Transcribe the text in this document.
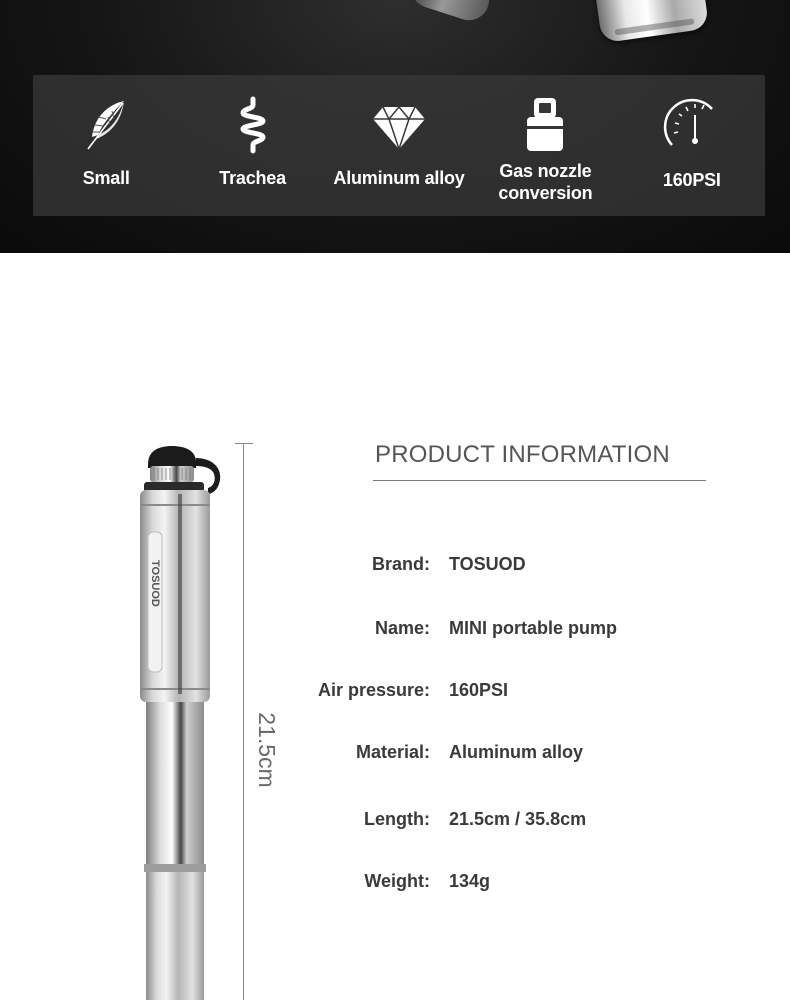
Small	Trachea	Aluminum alloy	Gas nozzle
conversion
160PSI
TOSUOD
21.5cm
PRODUCT INFORMATION
Brand: TOSUOD
Name: MINI portable pump
Air pressure: 160PSI
Material: Aluminum alloy
Length: 21.5cm / 35.8cm
Weight: 134g
